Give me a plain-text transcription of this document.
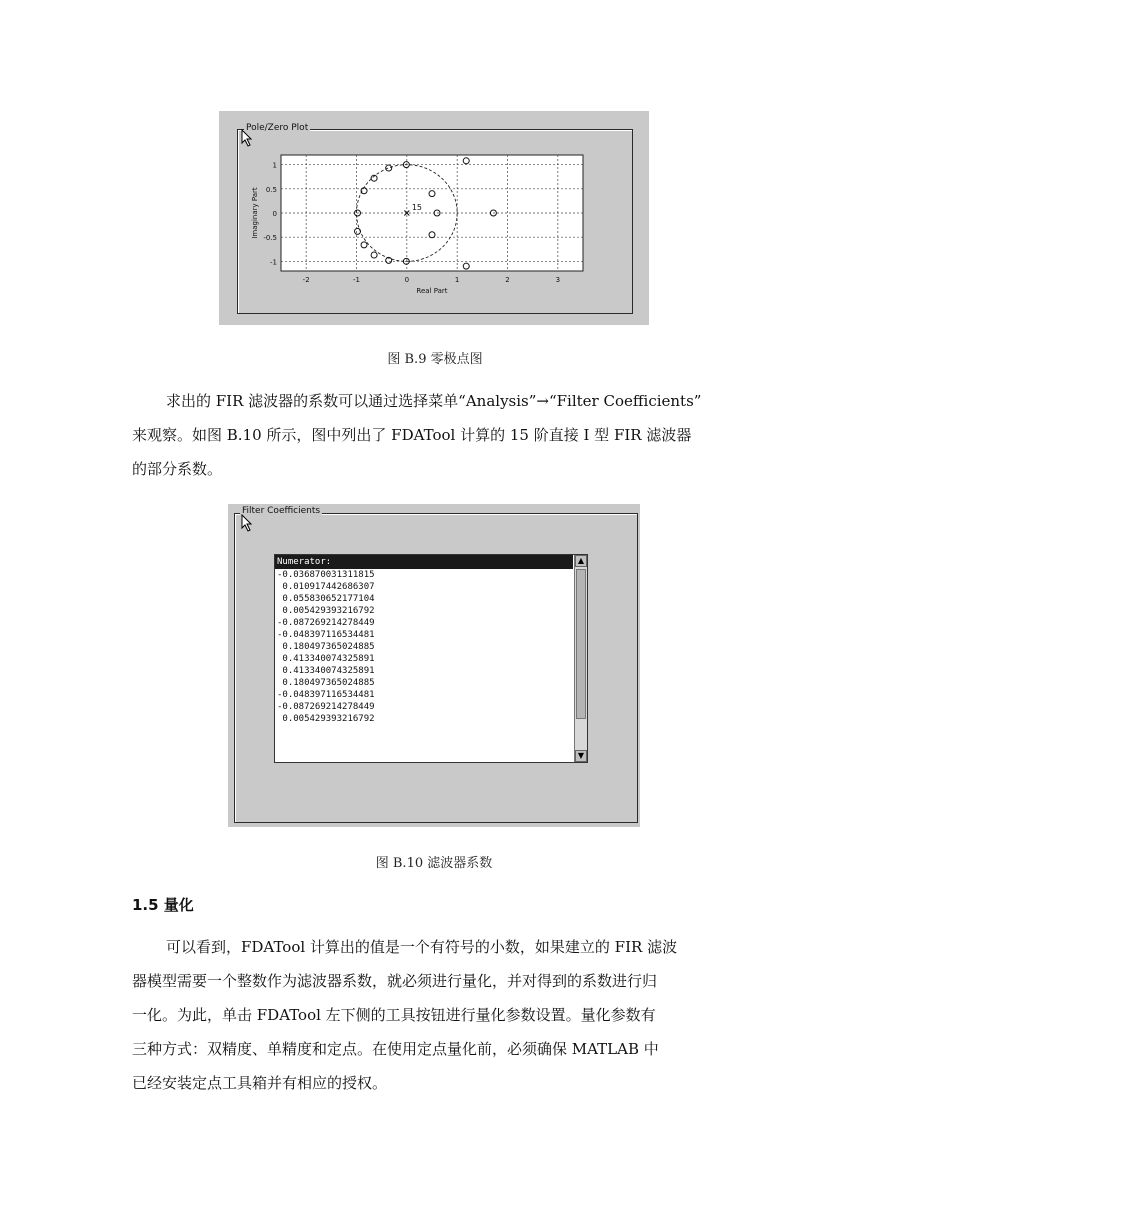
Pole/Zero Plot
-2	-1	0	1	2	3
1
0.5
0
-0.5
-1
Real Part
Imaginary Part	15
图 B.9 零极点图
求出的 FIR 滤波器的系数可以通过选择菜单“Analysis”→“Filter Coefficients”
来观察。如图 B.10 所示，图中列出了 FDATool 计算的 15 阶直接 I 型 FIR 滤波器
的部分系数。
Filter Coefficients
Numerator:
-0.036870031311815
0.010917442686307
0.055830652177104
0.005429393216792
-0.087269214278449
-0.048397116534481
0.180497365024885
0.413340074325891
0.413340074325891
0.180497365024885
-0.048397116534481
-0.087269214278449
0.005429393216792
▲
▼
图 B.10 滤波器系数
1.5 量化
可以看到，FDATool 计算出的值是一个有符号的小数，如果建立的 FIR 滤波
器模型需要一个整数作为滤波器系数，就必须进行量化，并对得到的系数进行归
一化。为此，单击 FDATool 左下侧的工具按钮进行量化参数设置。量化参数有
三种方式：双精度、单精度和定点。在使用定点量化前，必须确保 MATLAB 中
已经安装定点工具箱并有相应的授权。
